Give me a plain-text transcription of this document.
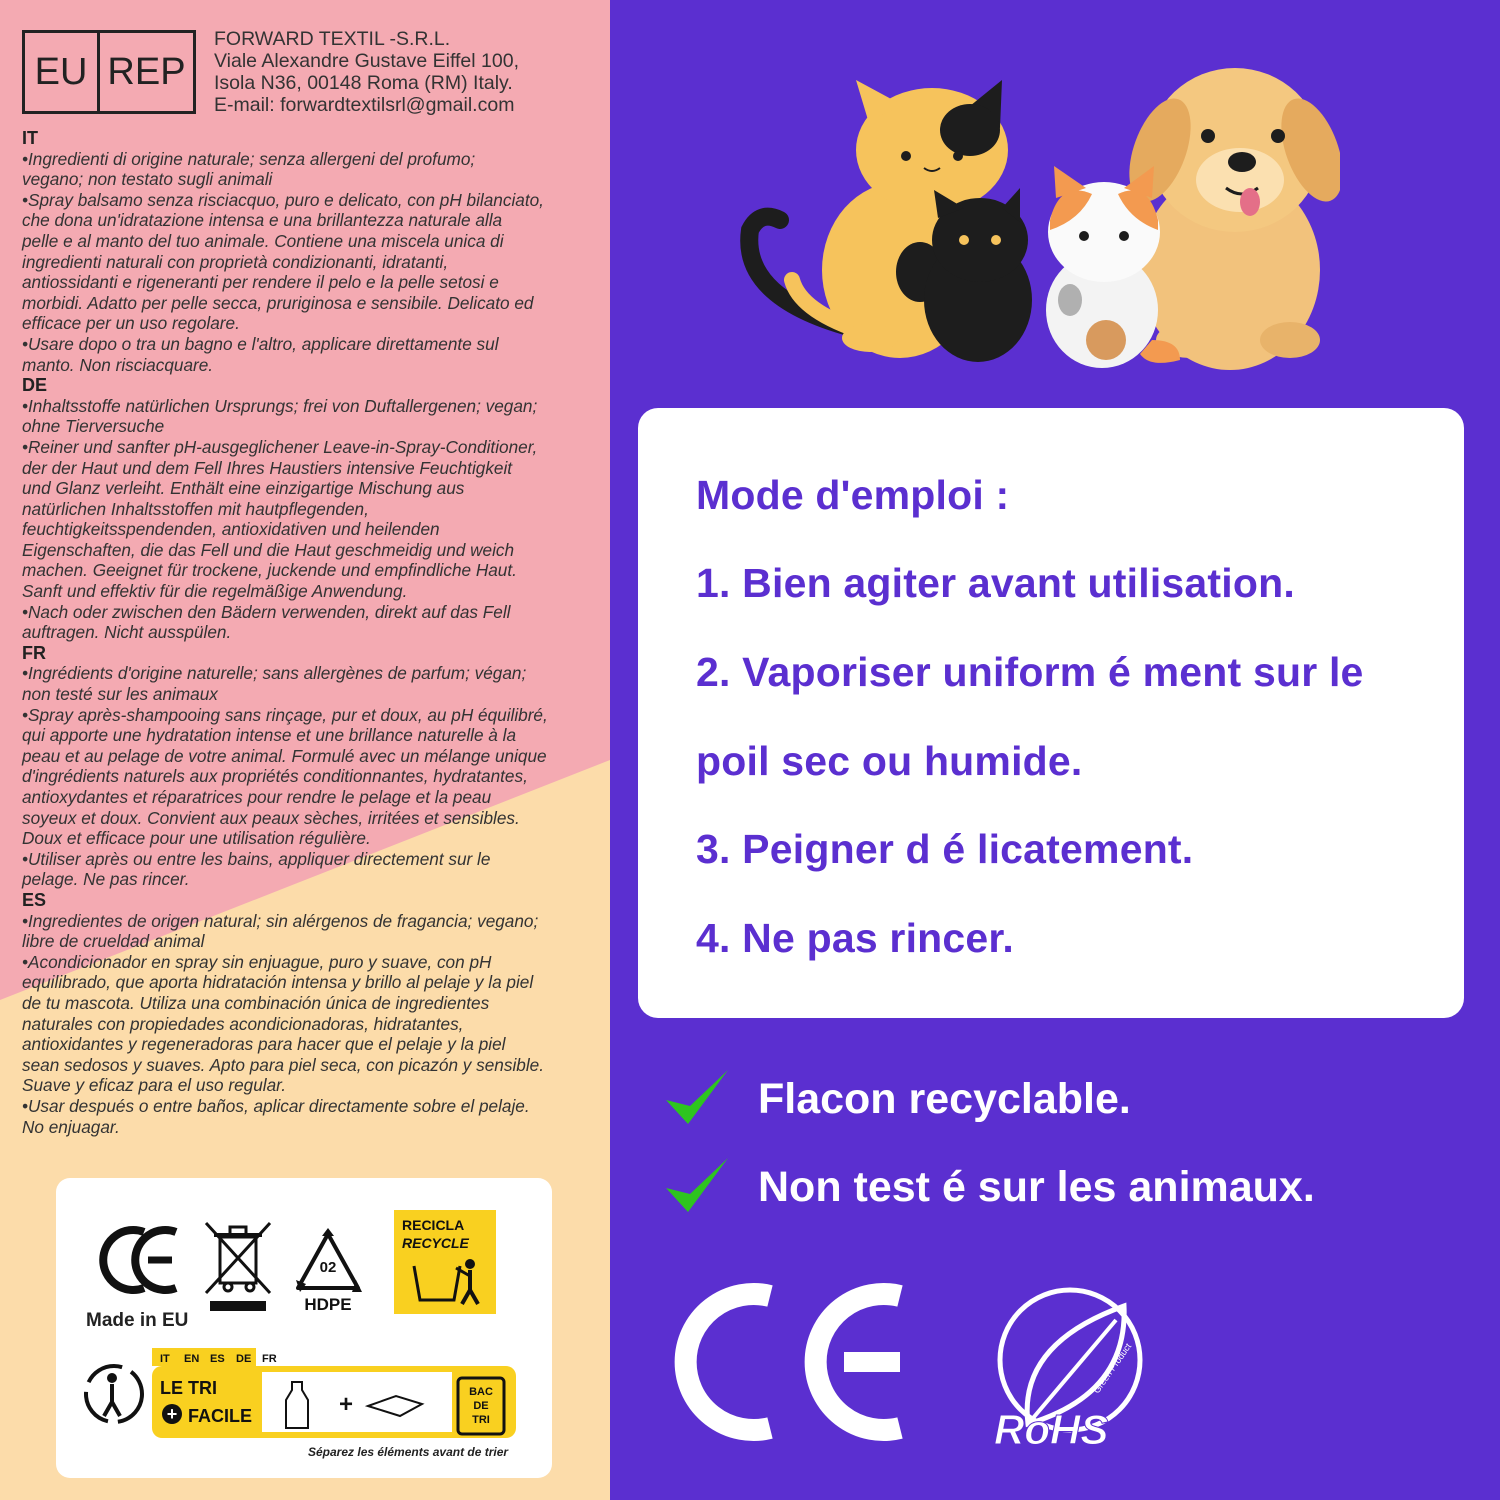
EU REP
FORWARD TEXTIL -S.R.L.
Viale Alexandre Gustave Eiffel 100,
Isola N36, 00148 Roma (RM) Italy.
E-mail: forwardtextilsrl@gmail.com
IT
•Ingredienti di origine naturale; senza allergeni del profumo;
vegano; non testato sugli animali
•Spray balsamo senza risciacquo, puro e delicato, con pH bilanciato,
che dona un'idratazione intensa e una brillantezza naturale alla
pelle e al manto del tuo animale. Contiene una miscela unica di
ingredienti naturali con proprietà condizionanti, idratanti,
antiossidanti e rigeneranti per rendere il pelo e la pelle setosi e
morbidi. Adatto per pelle secca, pruriginosa e sensibile. Delicato ed
efficace per un uso regolare.
•Usare dopo o tra un bagno e l'altro, applicare direttamente sul
manto. Non risciacquare.
DE
•Inhaltsstoffe natürlichen Ursprungs; frei von Duftallergenen; vegan;
ohne Tierversuche
•Reiner und sanfter pH-ausgeglichener Leave-in-Spray-Conditioner,
der der Haut und dem Fell Ihres Haustiers intensive Feuchtigkeit
und Glanz verleiht. Enthält eine einzigartige Mischung aus
natürlichen Inhaltsstoffen mit hautpflegenden,
feuchtigkeitsspendenden, antioxidativen und heilenden
Eigenschaften, die das Fell und die Haut geschmeidig und weich
machen. Geeignet für trockene, juckende und empfindliche Haut.
Sanft und effektiv für die regelmäßige Anwendung.
•Nach oder zwischen den Bädern verwenden, direkt auf das Fell
auftragen. Nicht ausspülen.
FR
•Ingrédients d'origine naturelle; sans allergènes de parfum; végan;
non testé sur les animaux
•Spray après-shampooing sans rinçage, pur et doux, au pH équilibré,
qui apporte une hydratation intense et une brillance naturelle à la
peau et au pelage de votre animal. Formulé avec un mélange unique
d'ingrédients naturels aux propriétés conditionnantes, hydratantes,
antioxydantes et réparatrices pour rendre le pelage et la peau
soyeux et doux. Convient aux peaux sèches, irritées et sensibles.
Doux et efficace pour une utilisation régulière.
•Utiliser après ou entre les bains, appliquer directement sur le
pelage. Ne pas rincer.
ES
•Ingredientes de origen natural; sin alérgenos de fragancia; vegano;
libre de crueldad animal
•Acondicionador en spray sin enjuague, puro y suave, con pH
equilibrado, que aporta hidratación intensa y brillo al pelaje y la piel
de tu mascota. Utiliza una combinación única de ingredientes
naturales con propiedades acondicionadoras, hidratantes,
antioxidantes y regeneradoras para hacer que el pelaje y la piel
sean sedosos y suaves. Apto para piel seca, con picazón y sensible.
Suave y eficaz para el uso regular.
•Usar después o entre baños, aplicar directamente sobre el pelaje.
No enjuagar.
02
HDPE
RECICLA
RECYCLE
IT EN ES DE FR
LE TRI
+ FACILE	+	BAC
DE
TRI
Séparez les éléments avant de trier
Made in EU
Mode d'emploi :
1. Bien agiter avant utilisation.
2. Vaporiser uniform é ment sur le
poil sec ou humide.
3. Peigner d é licatement.
4. Ne pas rincer.
Flacon recyclable.
Non test é sur les animaux.
Green Product
RoHS
